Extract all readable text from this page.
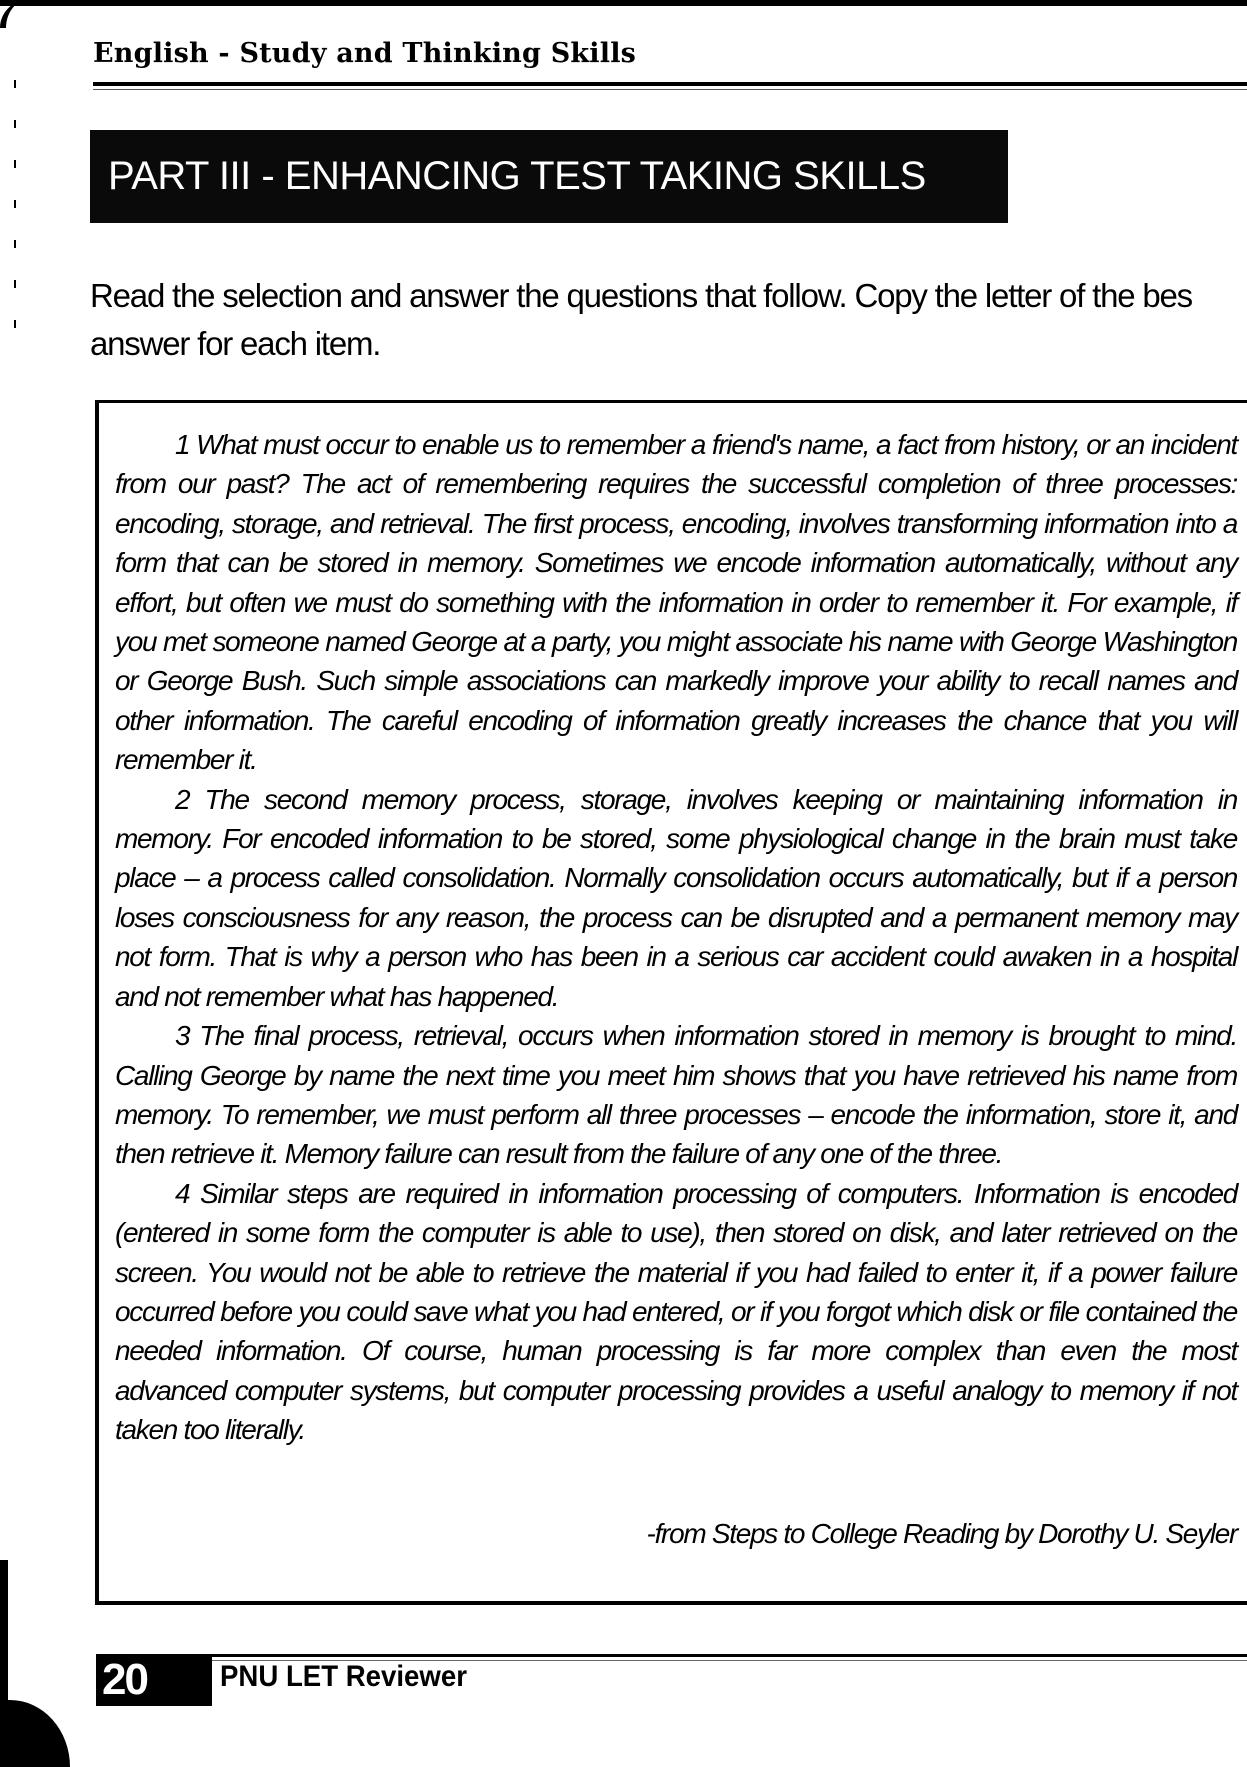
English - Study and Thinking Skills
PART III - ENHANCING TEST TAKING SKILLS
Read the selection and answer the questions that follow. Copy the letter of the bes
answer for each item.

1 What must occur to enable us to remember a friend's name, a fact from history, or an incident from our past? The act of remembering requires the successful completion of three processes: encoding, storage, and retrieval. The first process, encoding, involves transforming information into a form that can be stored in memory. Sometimes we encode information automatically, without any effort, but often we must do something with the information in order to remember it. For example, if you met someone named George at a party, you might associate his name with George Washington or George Bush. Such simple associations can markedly improve your ability to recall names and other information. The careful encoding of information greatly increases the chance that you will remember it.

2 The second memory process, storage, involves keeping or maintaining information in memory. For encoded information to be stored, some physiological change in the brain must take place – a process called consolidation. Normally consolidation occurs automatically, but if a person loses consciousness for any reason, the process can be disrupted and a permanent memory may not form. That is why a person who has been in a serious car accident could awaken in a hospital and not remember what has happened.

3 The final process, retrieval, occurs when information stored in memory is brought to mind. Calling George by name the next time you meet him shows that you have retrieved his name from memory. To remember, we must perform all three processes – encode the information, store it, and then retrieve it. Memory failure can result from the failure of any one of the three.

4 Similar steps are required in information processing of computers. Information is encoded (entered in some form the computer is able to use), then stored on disk, and later retrieved on the screen. You would not be able to retrieve the material if you had failed to enter it, if a power failure occurred before you could save what you had entered, or if you forgot which disk or file contained the needed information. Of course, human processing is far more complex than even the most advanced computer systems, but computer processing provides a useful analogy to memory if not taken too literally.

-from Steps to College Reading by Dorothy U. Seyler
20	PNU LET Reviewer
